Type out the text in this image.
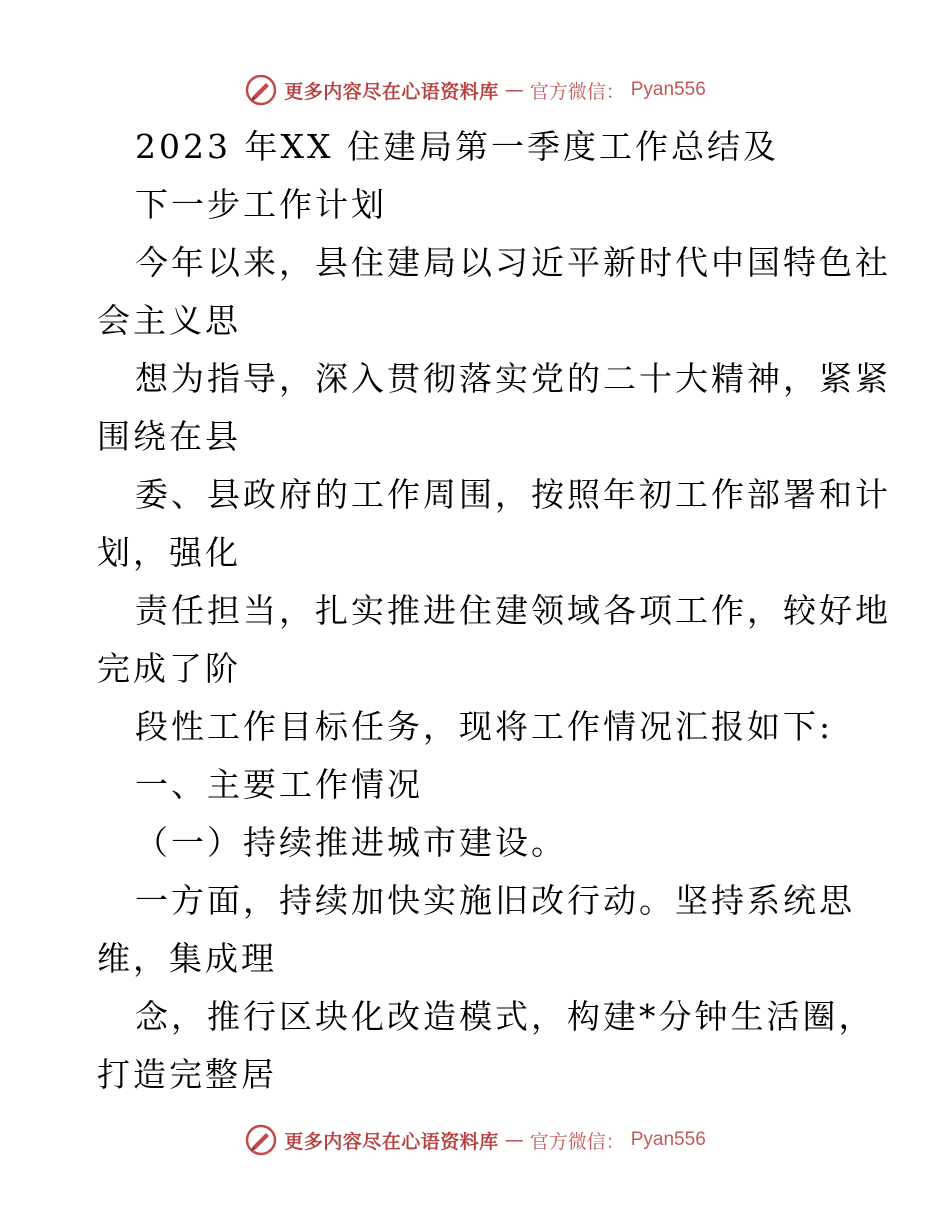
更多内容尽在心语资料库 — 官方微信： Pyan556
2023 年XX 住建局第一季度工作总结及
下一步工作计划
今年以来，县住建局以习近平新时代中国特色社
会主义思
想为指导，深入贯彻落实党的二十大精神，紧紧
围绕在县
委、县政府的工作周围，按照年初工作部署和计
划，强化
责任担当，扎实推进住建领域各项工作，较好地
完成了阶
段性工作目标任务，现将工作情况汇报如下:
一、主要工作情况
（一）持续推进城市建设。
一方面，持续加快实施旧改行动。坚持系统思
维，集成理
念，推行区块化改造模式，构建*分钟生活圈，
打造完整居
更多内容尽在心语资料库 — 官方微信： Pyan556
